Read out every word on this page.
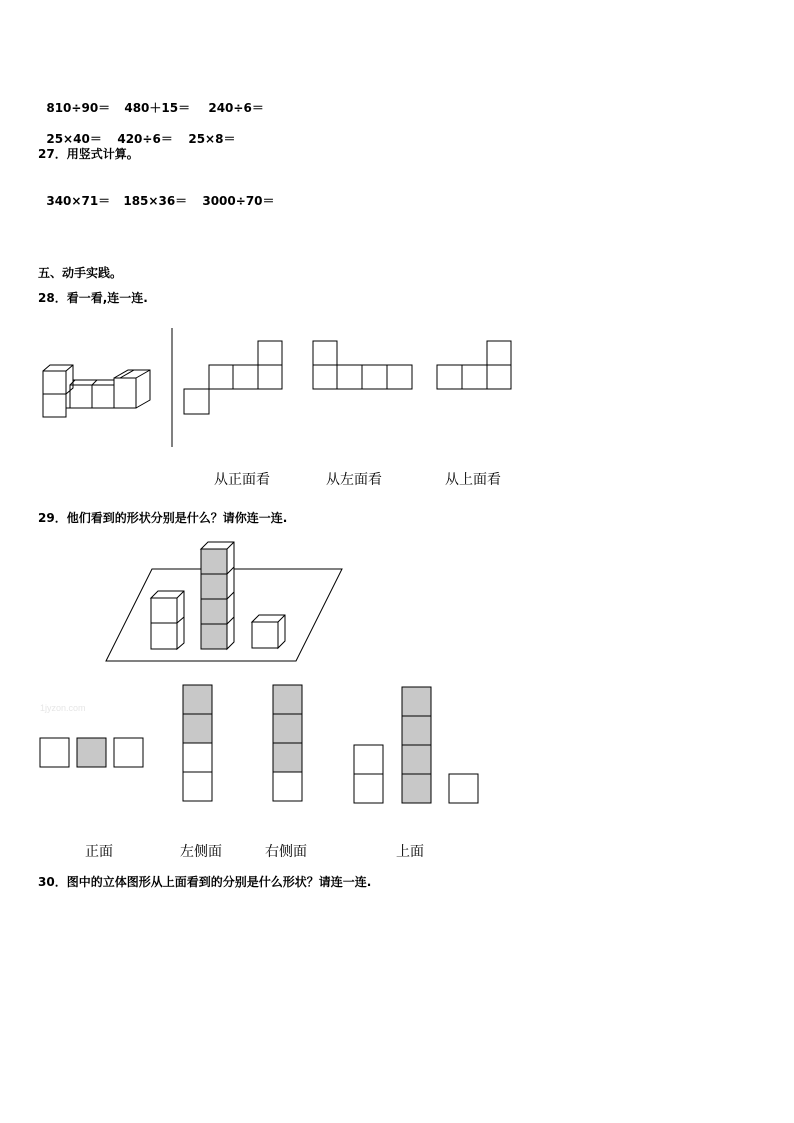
810÷90＝ 480＋15＝ 240÷6＝

25×40＝ 420÷6＝ 25×8＝

27．用竖式计算。

340×71＝ 185×36＝ 3000÷70＝

五、动手实践。
28．看一看,连一连.
从正面看	从左面看	从上面看
29．他们看到的形状分别是什么？请你连一连.
1jyzon.com
正面	左侧面	右侧面	上面
30．图中的立体图形从上面看到的分别是什么形状？请连一连.
